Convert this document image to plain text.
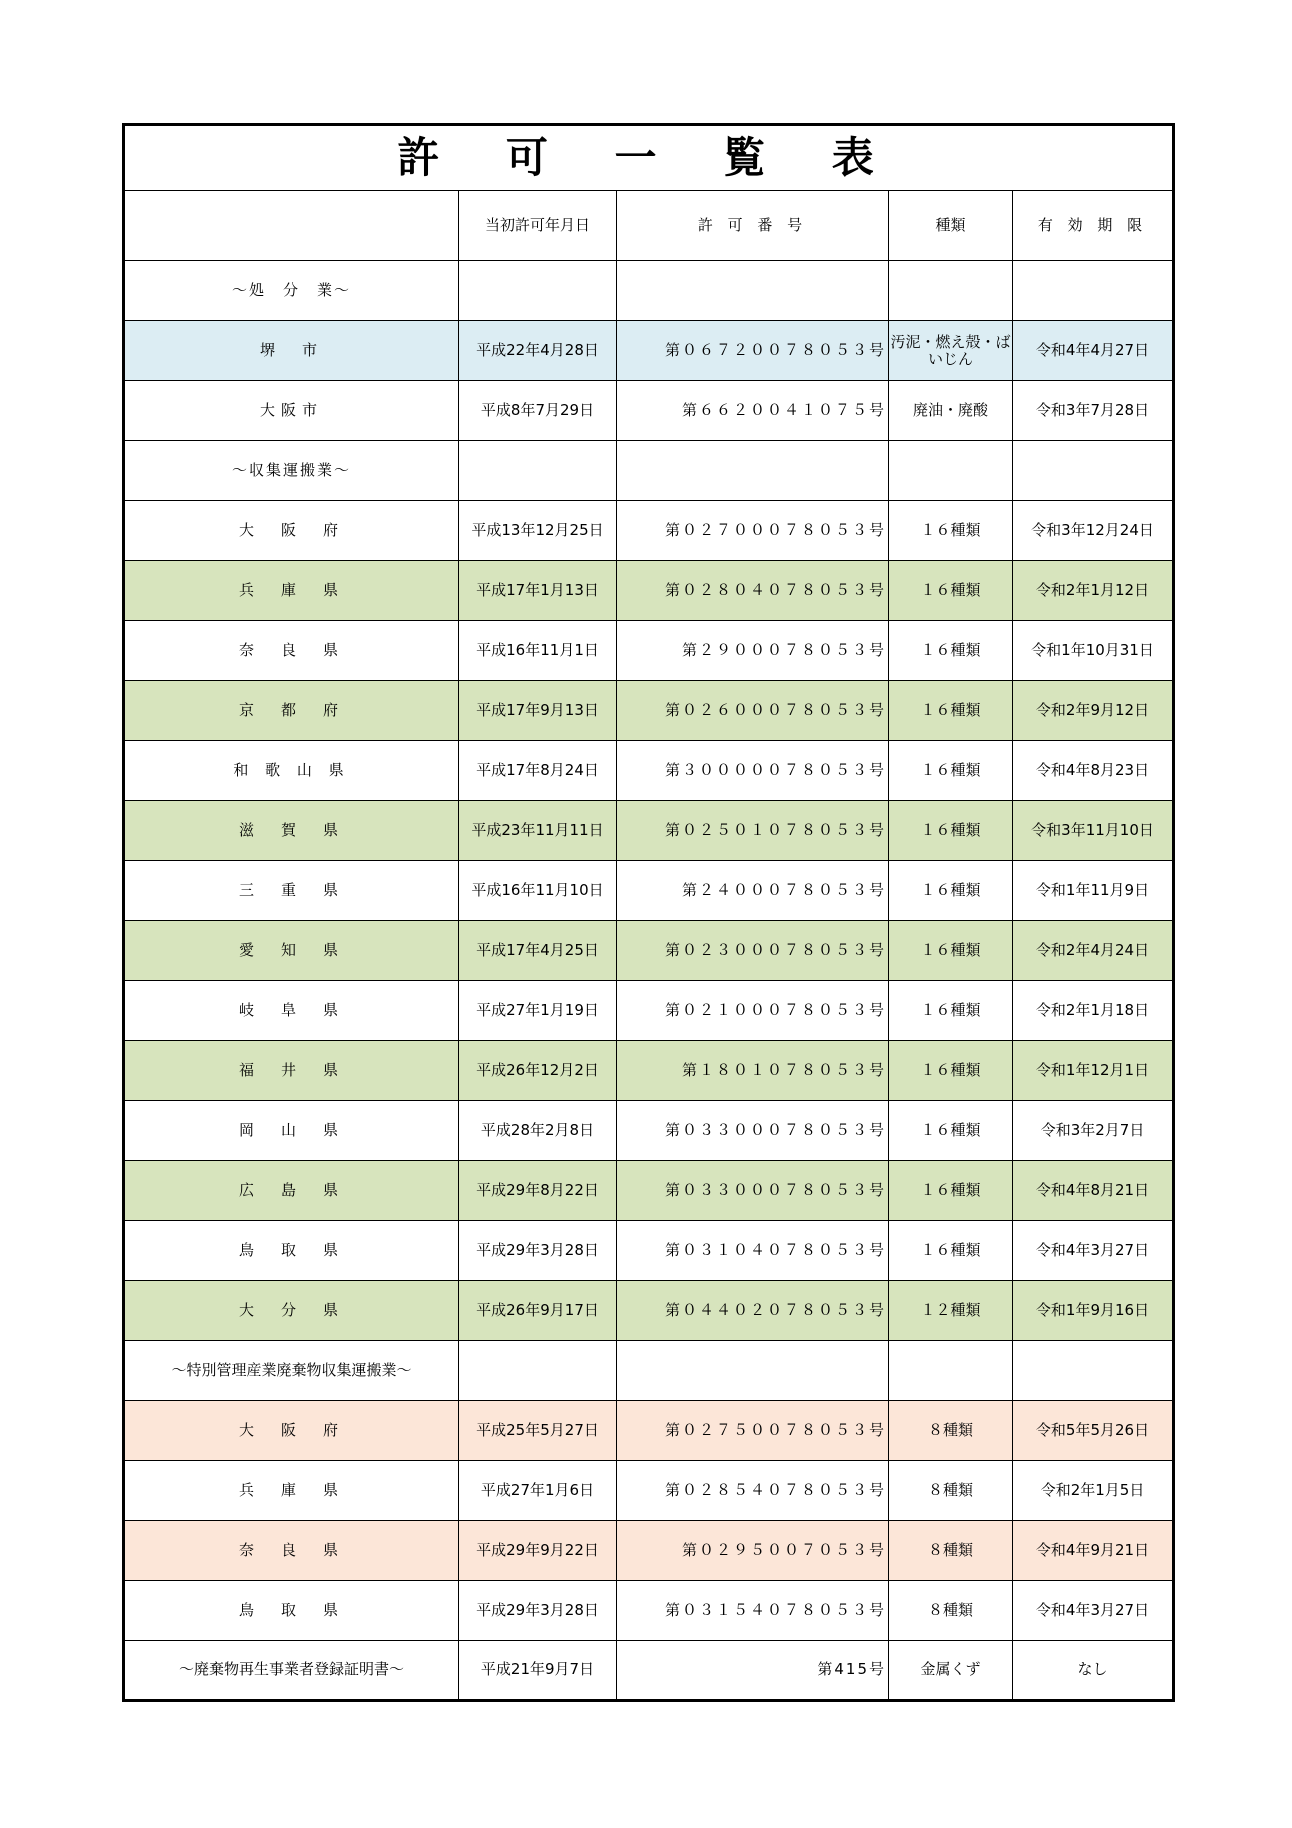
許 可 一 覧 表				
	当初許可年月日	許 可 番 号	種類	有 効 期 限
～処　分　業～				
堺　市	平成22年4月28日	第０６７２００７８０５３号	汚泥・燃え殻・ばいじん	令和4年4月27日
大阪市	平成8年7月29日	第６６２００４１０７５号	廃油・廃酸	令和3年7月28日
～収集運搬業～				
大　阪　府	平成13年12月25日	第０２７０００７８０５３号	１６種類	令和3年12月24日
兵　庫　県	平成17年1月13日	第０２８０４０７８０５３号	１６種類	令和2年1月12日
奈　良　県	平成16年11月1日	第２９０００７８０５３号	１６種類	令和1年10月31日
京　都　府	平成17年9月13日	第０２６０００７８０５３号	１６種類	令和2年9月12日
和 歌 山 県	平成17年8月24日	第３０００００７８０５３号	１６種類	令和4年8月23日
滋　賀　県	平成23年11月11日	第０２５０１０７８０５３号	１６種類	令和3年11月10日
三　重　県	平成16年11月10日	第２４０００７８０５３号	１６種類	令和1年11月9日
愛　知　県	平成17年4月25日	第０２３０００７８０５３号	１６種類	令和2年4月24日
岐　阜　県	平成27年1月19日	第０２１０００７８０５３号	１６種類	令和2年1月18日
福　井　県	平成26年12月2日	第１８０１０７８０５３号	１６種類	令和1年12月1日
岡　山　県	平成28年2月8日	第０３３０００７８０５３号	１６種類	令和3年2月7日
広　島　県	平成29年8月22日	第０３３０００７８０５３号	１６種類	令和4年8月21日
鳥　取　県	平成29年3月28日	第０３１０４０７８０５３号	１６種類	令和4年3月27日
大　分　県	平成26年9月17日	第０４４０２０７８０５３号	１２種類	令和1年9月16日
～特別管理産業廃棄物収集運搬業～				
大　阪　府	平成25年5月27日	第０２７５００７８０５３号	８種類	令和5年5月26日
兵　庫　県	平成27年1月6日	第０２８５４０７８０５３号	８種類	令和2年1月5日
奈　良　県	平成29年9月22日	第０２９５００７０５３号	８種類	令和4年9月21日
鳥　取　県	平成29年3月28日	第０３１５４０７８０５３号	８種類	令和4年3月27日
～廃棄物再生事業者登録証明書～	平成21年9月7日	第415号	金属くず	なし
